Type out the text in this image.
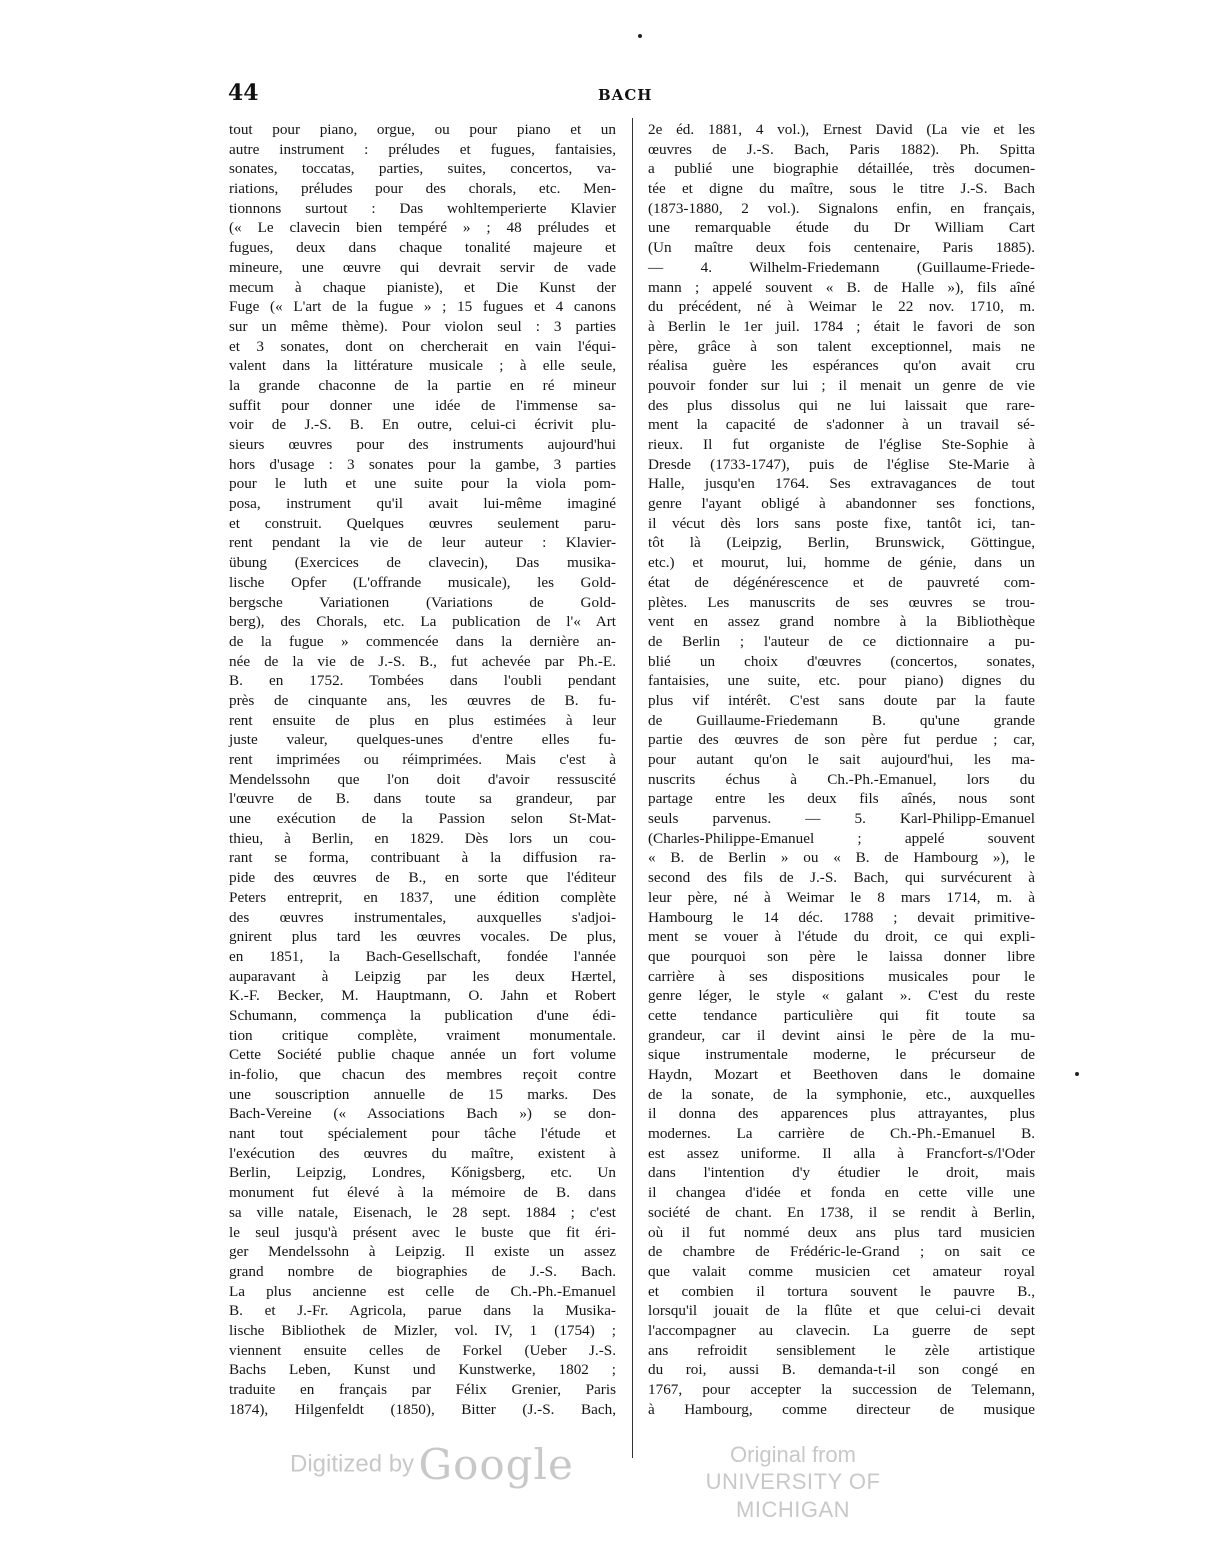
44	BACH
tout pour piano, orgue, ou pour piano et un
autre instrument : préludes et fugues, fantaisies,
sonates, toccatas, parties, suites, concertos, va-
riations, préludes pour des chorals, etc. Men-
tionnons surtout : Das wohltemperierte Klavier
(« Le clavecin bien tempéré » ; 48 préludes et
fugues, deux dans chaque tonalité majeure et
mineure, une œuvre qui devrait servir de vade
mecum à chaque pianiste), et Die Kunst der
Fuge (« L'art de la fugue » ; 15 fugues et 4 canons
sur un même thème). Pour violon seul : 3 parties
et 3 sonates, dont on chercherait en vain l'équi-
valent dans la littérature musicale ; à elle seule,
la grande chaconne de la partie en ré mineur
suffit pour donner une idée de l'immense sa-
voir de J.-S. B. En outre, celui-ci écrivit plu-
sieurs œuvres pour des instruments aujourd'hui
hors d'usage : 3 sonates pour la gambe, 3 parties
pour le luth et une suite pour la viola pom-
posa, instrument qu'il avait lui-même imaginé
et construit. Quelques œuvres seulement paru-
rent pendant la vie de leur auteur : Klavier-
übung (Exercices de clavecin), Das musika-
lische Opfer (L'offrande musicale), les Gold-
bergsche Variationen (Variations de Gold-
berg), des Chorals, etc. La publication de l'« Art
de la fugue » commencée dans la dernière an-
née de la vie de J.-S. B., fut achevée par Ph.-E.
B. en 1752. Tombées dans l'oubli pendant
près de cinquante ans, les œuvres de B. fu-
rent ensuite de plus en plus estimées à leur
juste valeur, quelques-unes d'entre elles fu-
rent imprimées ou réimprimées. Mais c'est à
Mendelssohn que l'on doit d'avoir ressuscité
l'œuvre de B. dans toute sa grandeur, par
une exécution de la Passion selon St-Mat-
thieu, à Berlin, en 1829. Dès lors un cou-
rant se forma, contribuant à la diffusion ra-
pide des œuvres de B., en sorte que l'éditeur
Peters entreprit, en 1837, une édition complète
des œuvres instrumentales, auxquelles s'adjoi-
gnirent plus tard les œuvres vocales. De plus,
en 1851, la Bach-Gesellschaft, fondée l'année
auparavant à Leipzig par les deux Hærtel,
K.-F. Becker, M. Hauptmann, O. Jahn et Robert
Schumann, commença la publication d'une édi-
tion critique complète, vraiment monumentale.
Cette Société publie chaque année un fort volume
in-folio, que chacun des membres reçoit contre
une souscription annuelle de 15 marks. Des
Bach-Vereine (« Associations Bach ») se don-
nant tout spécialement pour tâche l'étude et
l'exécution des œuvres du maître, existent à
Berlin, Leipzig, Londres, Kőnigsberg, etc. Un
monument fut élevé à la mémoire de B. dans
sa ville natale, Eisenach, le 28 sept. 1884 ; c'est
le seul jusqu'à présent avec le buste que fit éri-
ger Mendelssohn à Leipzig. Il existe un assez
grand nombre de biographies de J.-S. Bach.
La plus ancienne est celle de Ch.-Ph.-Emanuel
B. et J.-Fr. Agricola, parue dans la Musika-
lische Bibliothek de Mizler, vol. IV, 1 (1754) ;
viennent ensuite celles de Forkel (Ueber J.-S.
Bachs Leben, Kunst und Kunstwerke, 1802 ;
traduite en français par Félix Grenier, Paris
1874), Hilgenfeldt (1850), Bitter (J.-S. Bach,
2e éd. 1881, 4 vol.), Ernest David (La vie et les
œuvres de J.-S. Bach, Paris 1882). Ph. Spitta
a publié une biographie détaillée, très documen-
tée et digne du maître, sous le titre J.-S. Bach
(1873-1880, 2 vol.). Signalons enfin, en français,
une remarquable étude du Dr William Cart
(Un maître deux fois centenaire, Paris 1885).
— 4. Wilhelm-Friedemann (Guillaume-Friede-
mann ; appelé souvent « B. de Halle »), fils aîné
du précédent, né à Weimar le 22 nov. 1710, m.
à Berlin le 1er juil. 1784 ; était le favori de son
père, grâce à son talent exceptionnel, mais ne
réalisa guère les espérances qu'on avait cru
pouvoir fonder sur lui ; il menait un genre de vie
des plus dissolus qui ne lui laissait que rare-
ment la capacité de s'adonner à un travail sé-
rieux. Il fut organiste de l'église Ste-Sophie à
Dresde (1733-1747), puis de l'église Ste-Marie à
Halle, jusqu'en 1764. Ses extravagances de tout
genre l'ayant obligé à abandonner ses fonctions,
il vécut dès lors sans poste fixe, tantôt ici, tan-
tôt là (Leipzig, Berlin, Brunswick, Göttingue,
etc.) et mourut, lui, homme de génie, dans un
état de dégénérescence et de pauvreté com-
plètes. Les manuscrits de ses œuvres se trou-
vent en assez grand nombre à la Bibliothèque
de Berlin ; l'auteur de ce dictionnaire a pu-
blié un choix d'œuvres (concertos, sonates,
fantaisies, une suite, etc. pour piano) dignes du
plus vif intérêt. C'est sans doute par la faute
de Guillaume-Friedemann B. qu'une grande
partie des œuvres de son père fut perdue ; car,
pour autant qu'on le sait aujourd'hui, les ma-
nuscrits échus à Ch.-Ph.-Emanuel, lors du
partage entre les deux fils aînés, nous sont
seuls parvenus. — 5. Karl-Philipp-Emanuel
(Charles-Philippe-Emanuel ; appelé souvent
« B. de Berlin » ou « B. de Hambourg »), le
second des fils de J.-S. Bach, qui survécurent à
leur père, né à Weimar le 8 mars 1714, m. à
Hambourg le 14 déc. 1788 ; devait primitive-
ment se vouer à l'étude du droit, ce qui expli-
que pourquoi son père le laissa donner libre
carrière à ses dispositions musicales pour le
genre léger, le style « galant ». C'est du reste
cette tendance particulière qui fit toute sa
grandeur, car il devint ainsi le père de la mu-
sique instrumentale moderne, le précurseur de
Haydn, Mozart et Beethoven dans le domaine
de la sonate, de la symphonie, etc., auxquelles
il donna des apparences plus attrayantes, plus
modernes. La carrière de Ch.-Ph.-Emanuel B.
est assez uniforme. Il alla à Francfort-s/l'Oder
dans l'intention d'y étudier le droit, mais
il changea d'idée et fonda en cette ville une
société de chant. En 1738, il se rendit à Berlin,
où il fut nommé deux ans plus tard musicien
de chambre de Frédéric-le-Grand ; on sait ce
que valait comme musicien cet amateur royal
et combien il tortura souvent le pauvre B.,
lorsqu'il jouait de la flûte et que celui-ci devait
l'accompagner au clavecin. La guerre de sept
ans refroidit sensiblement le zèle artistique
du roi, aussi B. demanda-t-il son congé en
1767, pour accepter la succession de Telemann,
à Hambourg, comme directeur de musique
Digitized by Google	Original from
UNIVERSITY OF MICHIGAN
